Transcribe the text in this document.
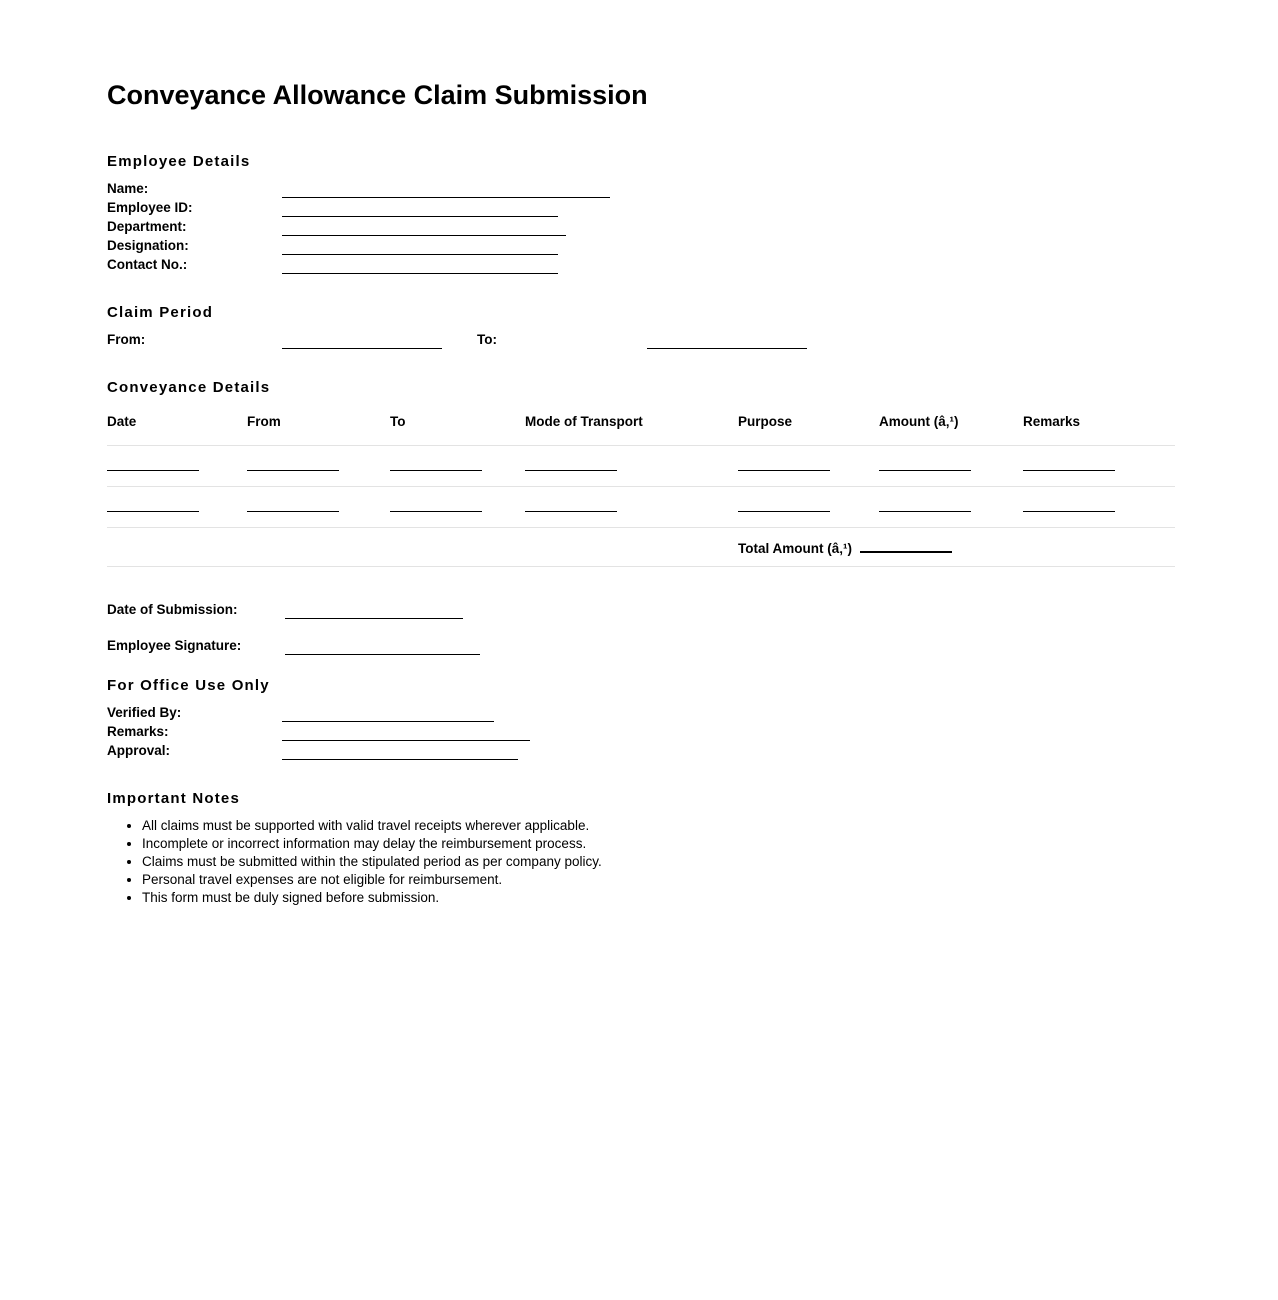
Conveyance Allowance Claim Submission
Employee Details
Name:
Employee ID:
Department:
Designation:
Contact No.:
Claim Period
From:	To:
Conveyance Details
Date	From	To	Mode of Transport	Purpose	Amount (â‚¹)	Remarks

				Total Amount (â‚¹)		
Date of Submission:
Employee Signature:
For Office Use Only
Verified By:
Remarks:
Approval:
Important Notes
• All claims must be supported with valid travel receipts wherever applicable.
• Incomplete or incorrect information may delay the reimbursement process.
• Claims must be submitted within the stipulated period as per company policy.
• Personal travel expenses are not eligible for reimbursement.
• This form must be duly signed before submission.
